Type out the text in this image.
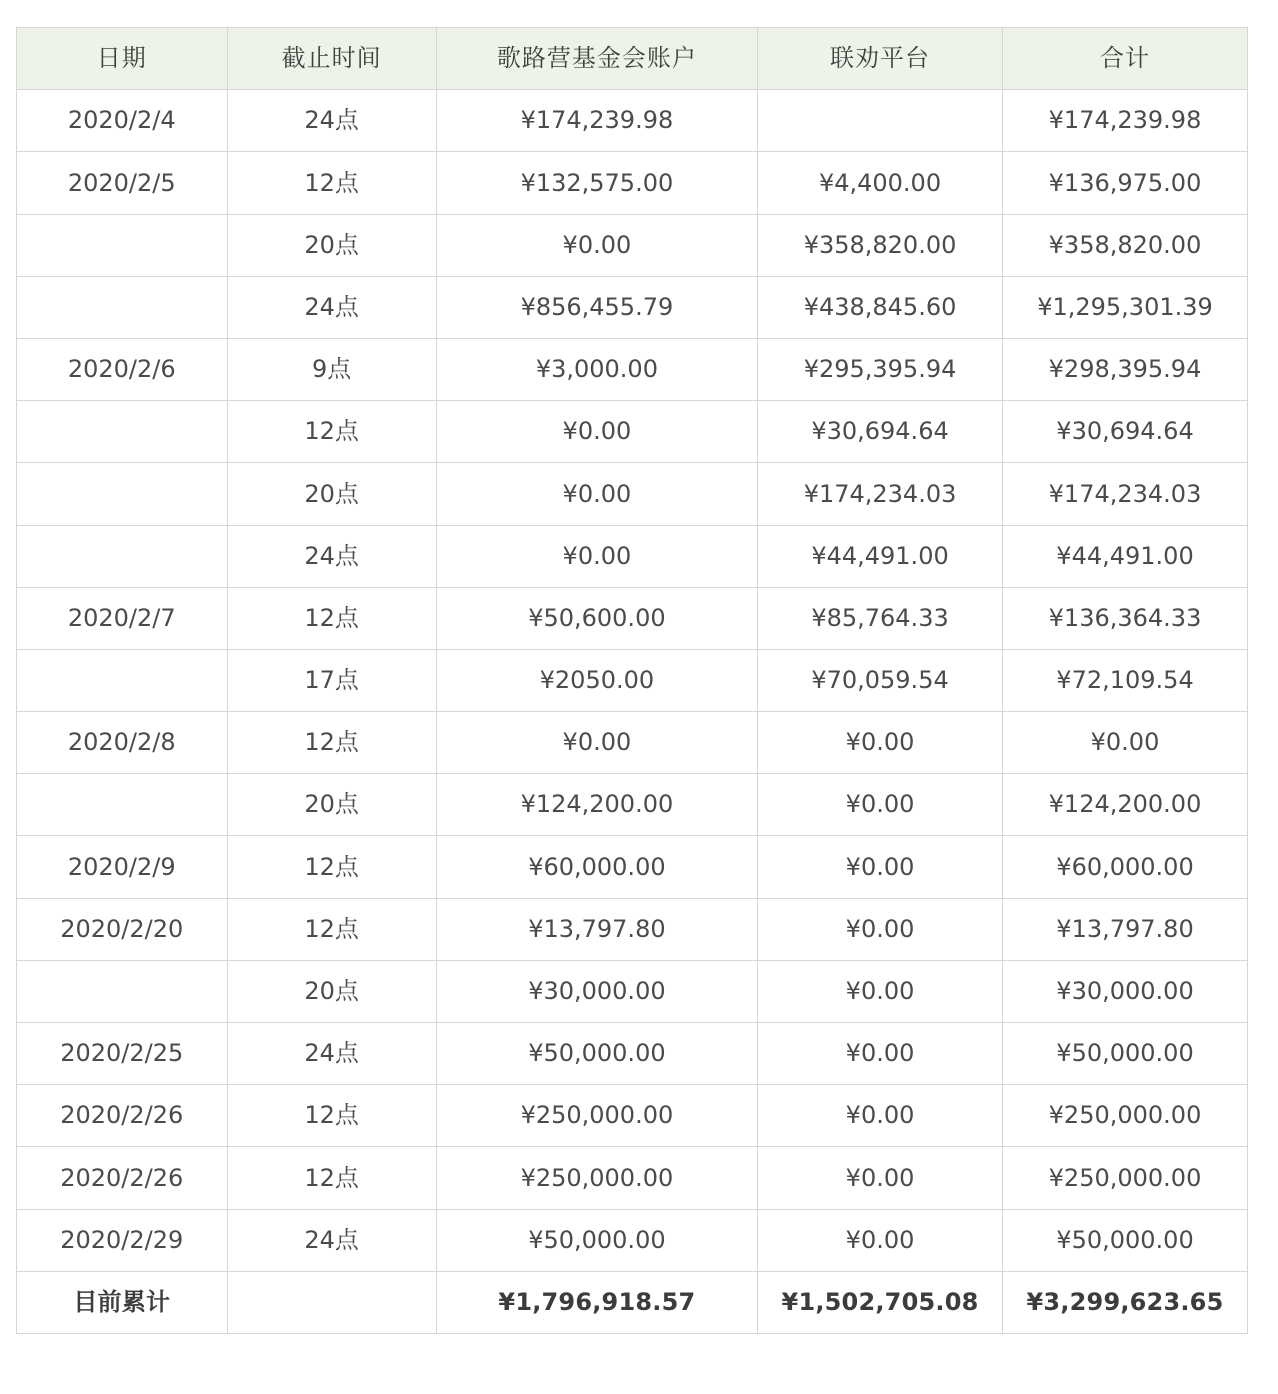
日期	截止时间	歌路营基金会账户	联劝平台	合计
2020/2/4	24点	¥174,239.98		¥174,239.98
2020/2/5	12点	¥132,575.00	¥4,400.00	¥136,975.00
	20点	¥0.00	¥358,820.00	¥358,820.00
	24点	¥856,455.79	¥438,845.60	¥1,295,301.39
2020/2/6	9点	¥3,000.00	¥295,395.94	¥298,395.94
	12点	¥0.00	¥30,694.64	¥30,694.64
	20点	¥0.00	¥174,234.03	¥174,234.03
	24点	¥0.00	¥44,491.00	¥44,491.00
2020/2/7	12点	¥50,600.00	¥85,764.33	¥136,364.33
	17点	¥2050.00	¥70,059.54	¥72,109.54
2020/2/8	12点	¥0.00	¥0.00	¥0.00
	20点	¥124,200.00	¥0.00	¥124,200.00
2020/2/9	12点	¥60,000.00	¥0.00	¥60,000.00
2020/2/20	12点	¥13,797.80	¥0.00	¥13,797.80
	20点	¥30,000.00	¥0.00	¥30,000.00
2020/2/25	24点	¥50,000.00	¥0.00	¥50,000.00
2020/2/26	12点	¥250,000.00	¥0.00	¥250,000.00
2020/2/26	12点	¥250,000.00	¥0.00	¥250,000.00
2020/2/29	24点	¥50,000.00	¥0.00	¥50,000.00
目前累计		¥1,796,918.57	¥1,502,705.08	¥3,299,623.65
